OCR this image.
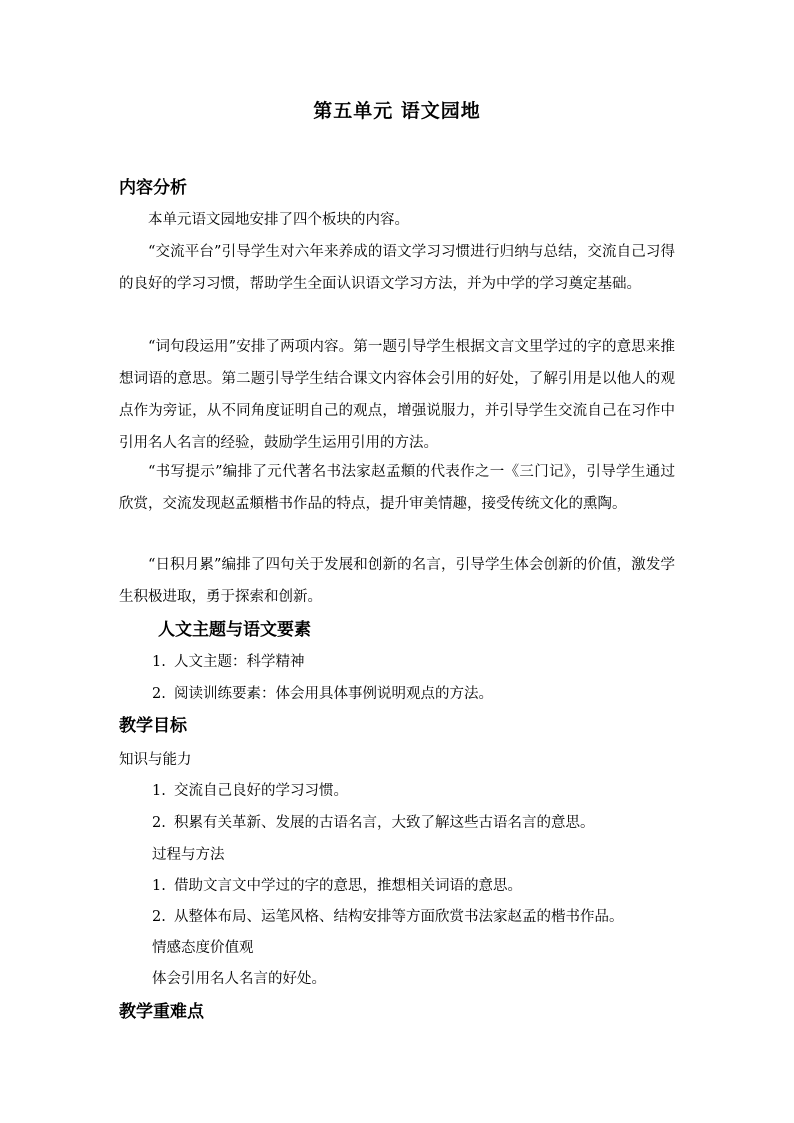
第五单元 语文园地
内容分析

本单元语文园地安排了四个板块的内容。

“交流平台”引导学生对六年来养成的语文学习习惯进行归纳与总结，交流自己习得的良好的学习习惯，帮助学生全面认识语文学习方法，并为中学的学习奠定基础。

“词句段运用”安排了两项内容。第一题引导学生根据文言文里学过的字的意思来推想词语的意思。第二题引导学生结合课文内容体会引用的好处，了解引用是以他人的观点作为旁证，从不同角度证明自己的观点，增强说服力，并引导学生交流自己在习作中引用名人名言的经验，鼓励学生运用引用的方法。

“书写提示”编排了元代著名书法家赵孟頫的代表作之一《三门记》，引导学生通过欣赏，交流发现赵孟頫楷书作品的特点，提升审美情趣，接受传统文化的熏陶。

“日积月累”编排了四句关于发展和创新的名言，引导学生体会创新的价值，激发学生积极进取，勇于探索和创新。

人文主题与语文要素
1. 人文主题：科学精神
2. 阅读训练要素：体会用具体事例说明观点的方法。
教学目标
知识与能力
1. 交流自己良好的学习习惯。
2. 积累有关革新、发展的古语名言，大致了解这些古语名言的意思。
过程与方法
1. 借助文言文中学过的字的意思，推想相关词语的意思。
2. 从整体布局、运笔风格、结构安排等方面欣赏书法家赵孟的楷书作品。
情感态度价值观
体会引用名人名言的好处。
教学重难点
